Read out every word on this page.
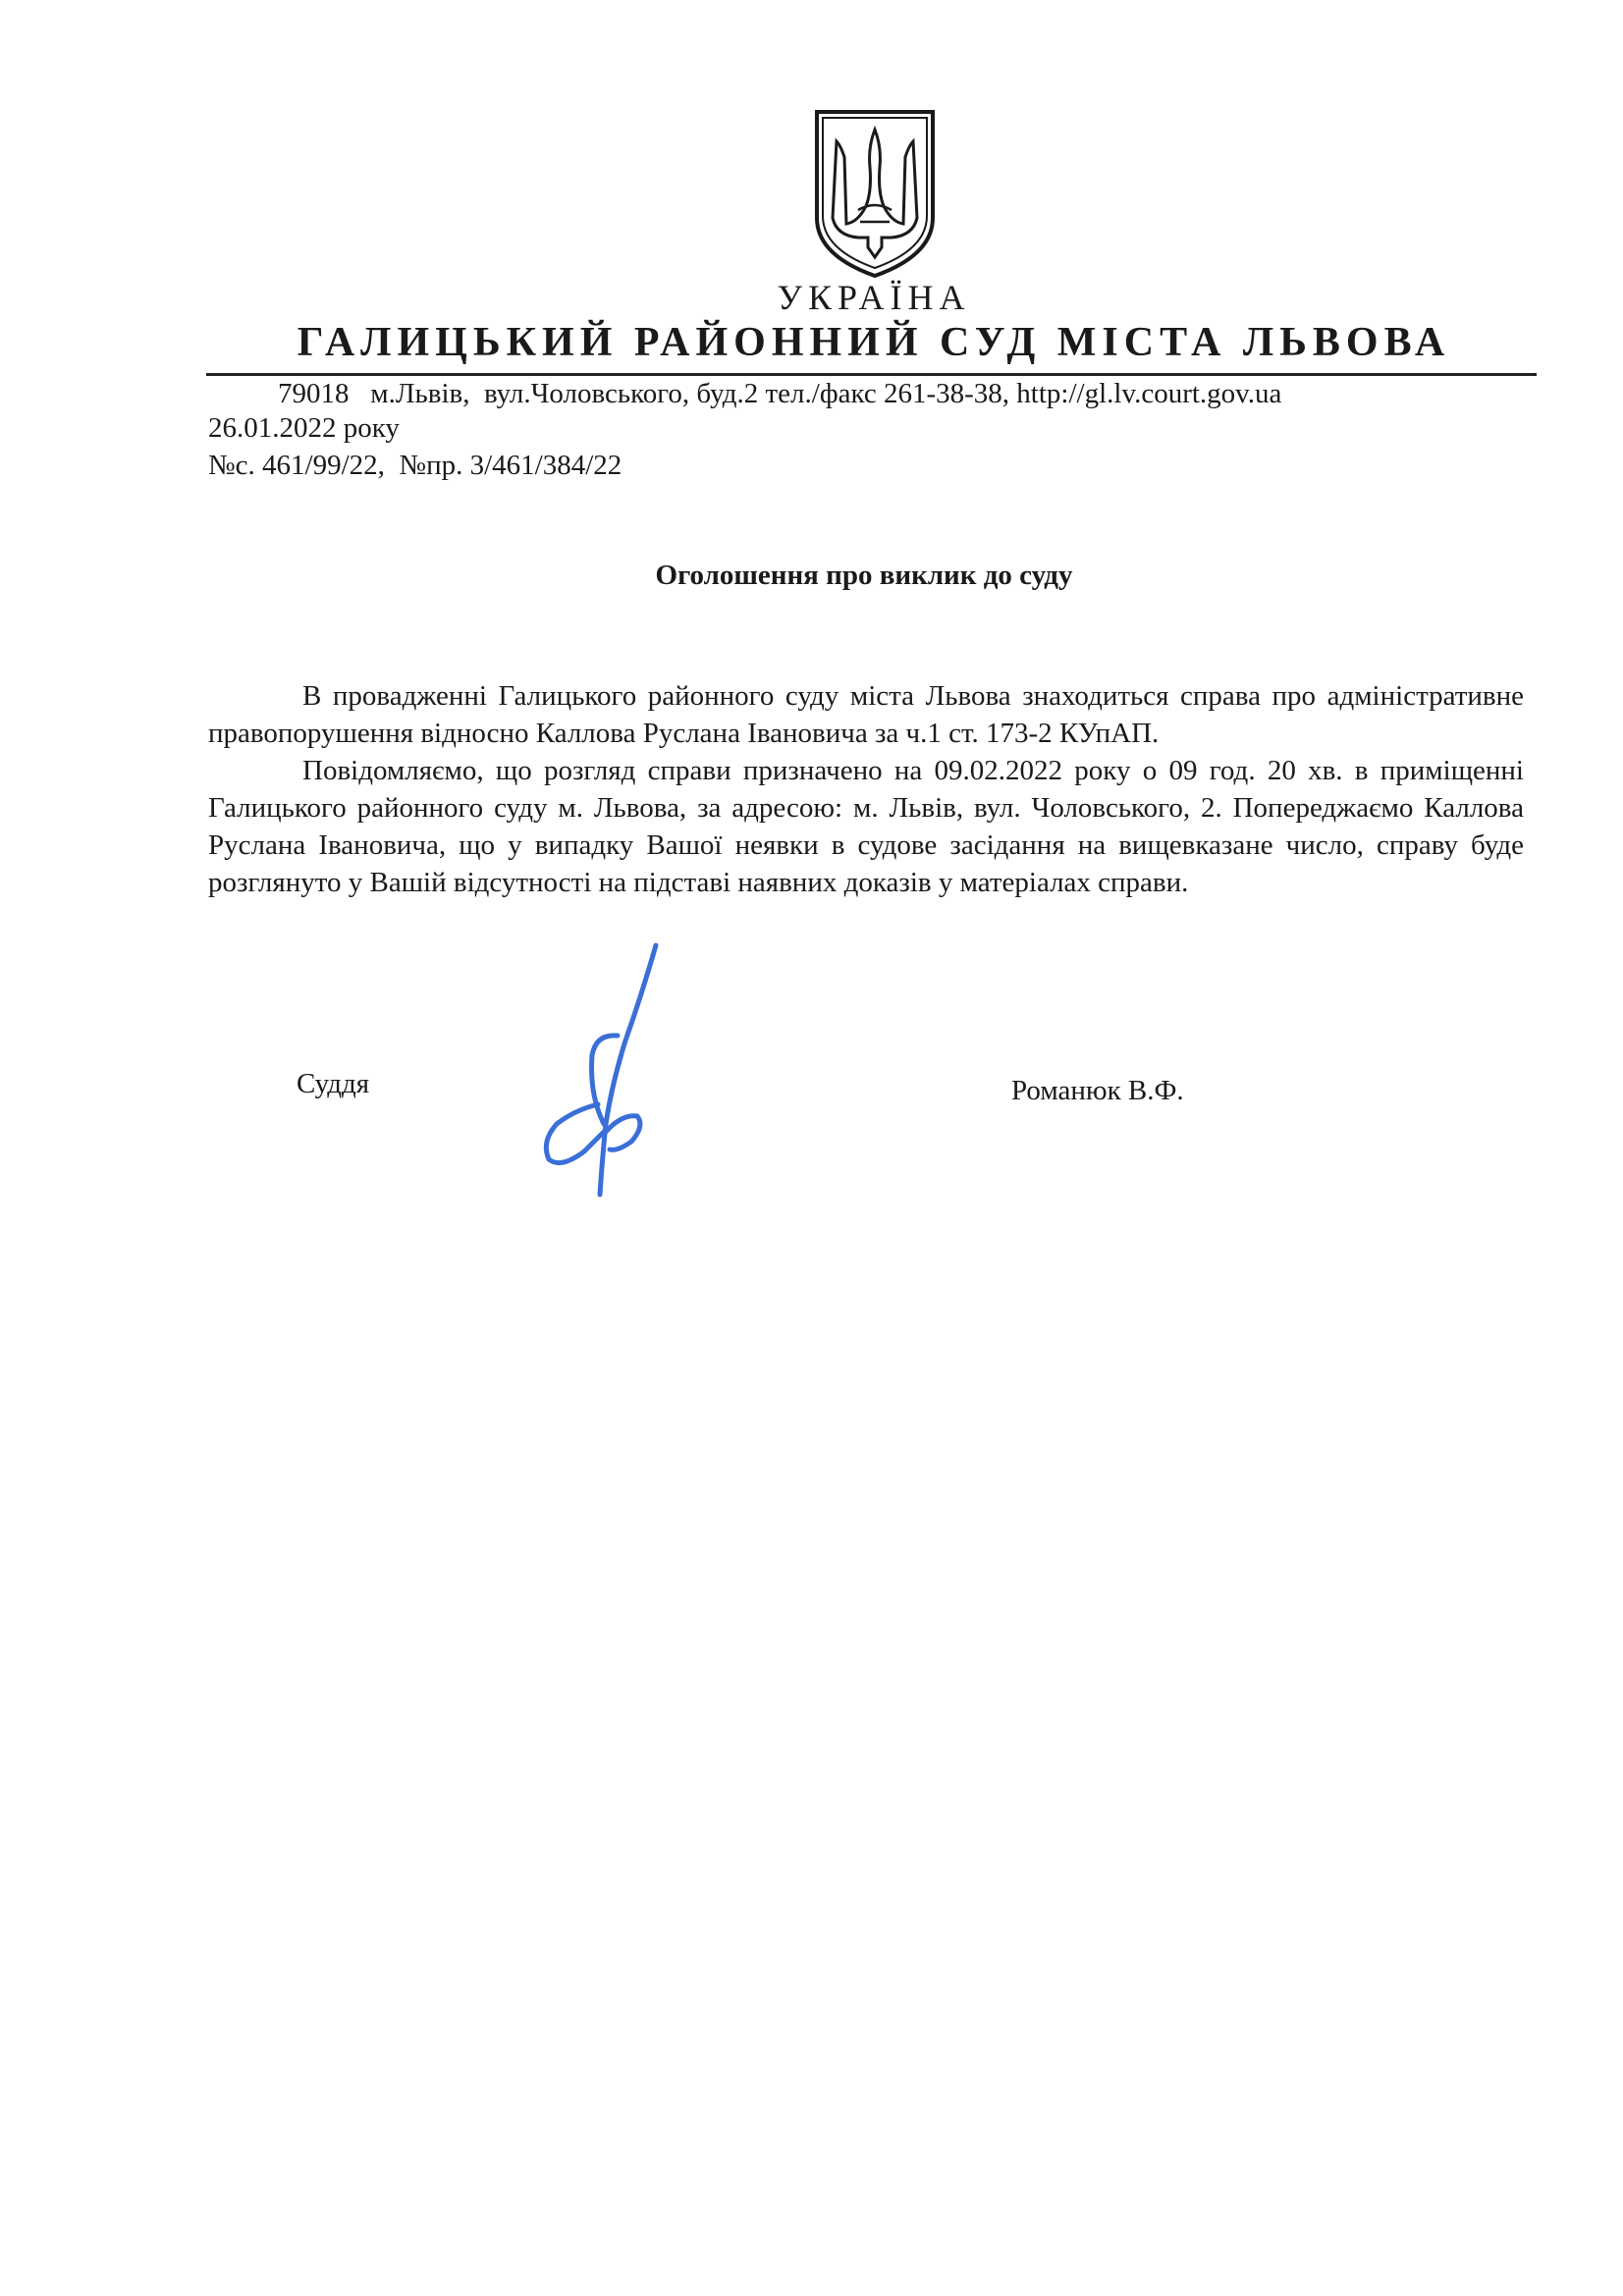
УКРАЇНА
ГАЛИЦЬКИЙ РАЙОННИЙ СУД МІСТА ЛЬВОВА
79018   м.Львів,  вул.Чоловського, буд.2 тел./факс 261-38-38, http://gl.lv.court.gov.ua
26.01.2022 року
№с. 461/99/22,  №пр. 3/461/384/22
Оголошення про виклик до суду

В провадженні Галицького районного суду міста Львова знаходиться справа про адміністративне правопорушення відносно Каллова Руслана Івановича за ч.1 ст. 173-2 КУпАП.

Повідомляємо, що розгляд справи призначено на 09.02.2022 року о 09 год. 20 хв. в приміщенні Галицького районного суду м. Львова, за адресою: м. Львів, вул. Чоловського, 2. Попереджаємо Каллова Руслана Івановича, що у випадку Вашої неявки в судове засідання на вищевказане число, справу буде розглянуто у Вашій відсутності на підставі наявних доказів у матеріалах справи.

Суддя	Романюк В.Ф.
